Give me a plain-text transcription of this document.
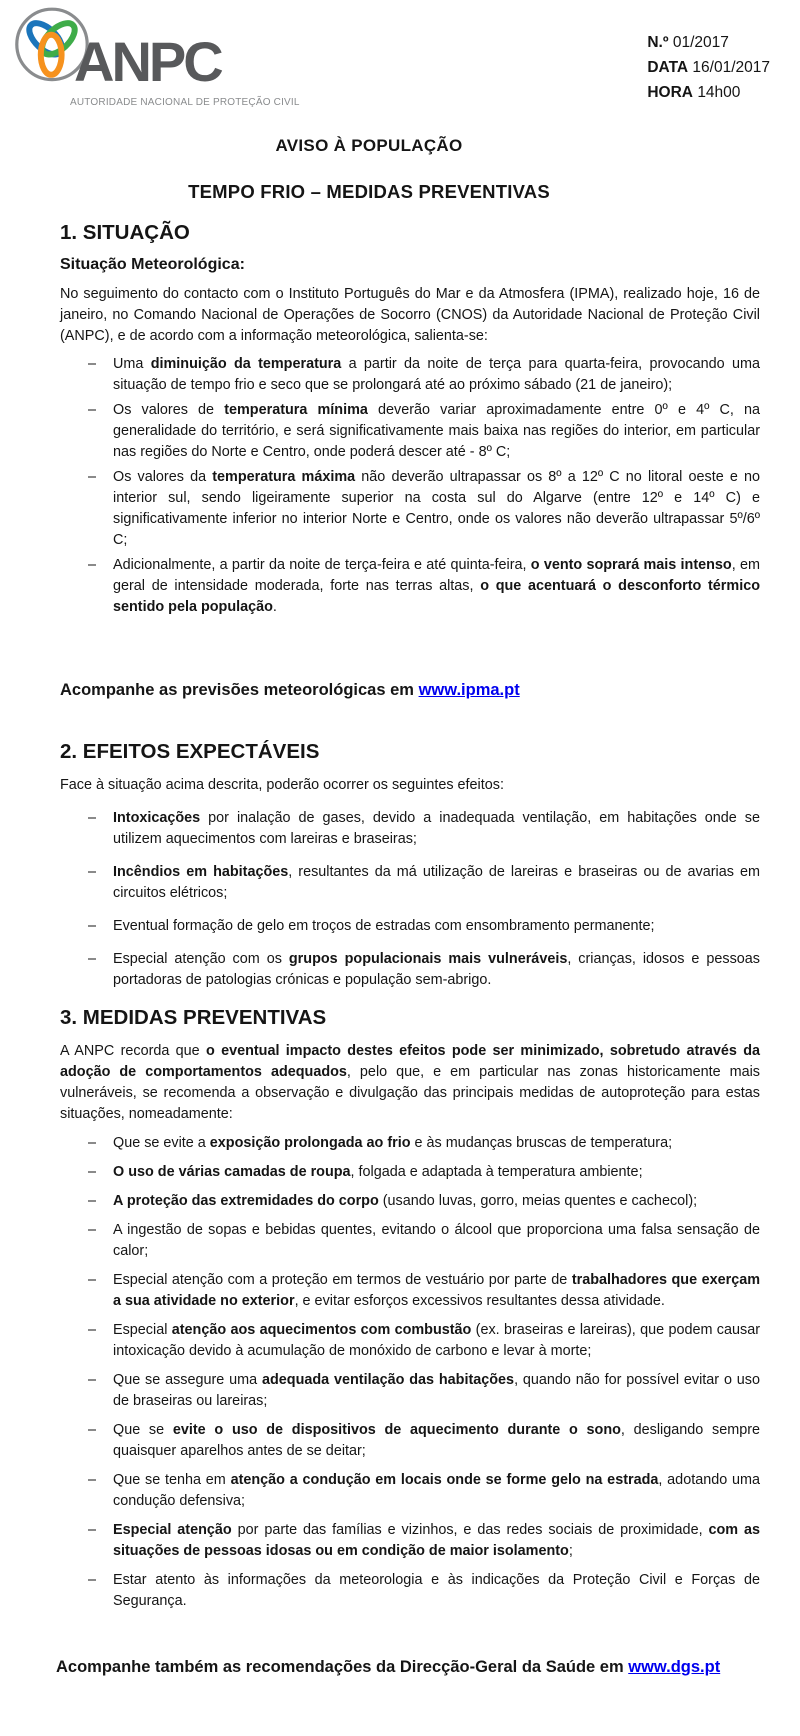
ANPC
AUTORIDADE NACIONAL DE PROTEÇÃO CIVIL
N.º 01/2017
DATA 16/01/2017
HORA 14h00
AVISO À POPULAÇÃO
TEMPO FRIO – MEDIDAS PREVENTIVAS
1. SITUAÇÃO
Situação Meteorológica:

No seguimento do contacto com o Instituto Português do Mar e da Atmosfera (IPMA), realizado hoje, 16 de janeiro, no Comando Nacional de Operações de Socorro (CNOS) da Autoridade Nacional de Proteção Civil (ANPC), e de acordo com a informação meteorológica, salienta-se:

–	Uma diminuição da temperatura a partir da noite de terça para quarta-feira, provocando uma situação de tempo frio e seco que se prolongará até ao próximo sábado (21 de janeiro);
–	Os valores de temperatura mínima deverão variar aproximadamente entre 0º e 4º C, na generalidade do território, e será significativamente mais baixa nas regiões do interior, em particular nas regiões do Norte e Centro, onde poderá descer até - 8º C;
–	Os valores da temperatura máxima não deverão ultrapassar os 8º a 12º C no litoral oeste e no interior sul, sendo ligeiramente superior na costa sul do Algarve (entre 12º e 14º C) e significativamente inferior no interior Norte e Centro, onde os valores não deverão ultrapassar 5º/6º C;
–	Adicionalmente, a partir da noite de terça-feira e até quinta-feira, o vento soprará mais intenso, em geral de intensidade moderada, forte nas terras altas, o que acentuará o desconforto térmico sentido pela população.

Acompanhe as previsões meteorológicas em www.ipma.pt

2. EFEITOS EXPECTÁVEIS

Face à situação acima descrita, poderão ocorrer os seguintes efeitos:

–	Intoxicações por inalação de gases, devido a inadequada ventilação, em habitações onde se utilizem aquecimentos com lareiras e braseiras;
–	Incêndios em habitações, resultantes da má utilização de lareiras e braseiras ou de avarias em circuitos elétricos;
–	Eventual formação de gelo em troços de estradas com ensombramento permanente;
–	Especial atenção com os grupos populacionais mais vulneráveis, crianças, idosos e pessoas portadoras de patologias crónicas e população sem-abrigo.
3. MEDIDAS PREVENTIVAS

A ANPC recorda que o eventual impacto destes efeitos pode ser minimizado, sobretudo através da adoção de comportamentos adequados, pelo que, e em particular nas zonas historicamente mais vulneráveis, se recomenda a observação e divulgação das principais medidas de autoproteção para estas situações, nomeadamente:

–	Que se evite a exposição prolongada ao frio e às mudanças bruscas de temperatura;
–	O uso de várias camadas de roupa, folgada e adaptada à temperatura ambiente;
–	A proteção das extremidades do corpo (usando luvas, gorro, meias quentes e cachecol);
–	A ingestão de sopas e bebidas quentes, evitando o álcool que proporciona uma falsa sensação de calor;
–	Especial atenção com a proteção em termos de vestuário por parte de trabalhadores que exerçam a sua atividade no exterior, e evitar esforços excessivos resultantes dessa atividade.
–	Especial atenção aos aquecimentos com combustão (ex. braseiras e lareiras), que podem causar intoxicação devido à acumulação de monóxido de carbono e levar à morte;
–	Que se assegure uma adequada ventilação das habitações, quando não for possível evitar o uso de braseiras ou lareiras;
–	Que se evite o uso de dispositivos de aquecimento durante o sono, desligando sempre quaisquer aparelhos antes de se deitar;
–	Que se tenha em atenção a condução em locais onde se forme gelo na estrada, adotando uma condução defensiva;
–	Especial atenção por parte das famílias e vizinhos, e das redes sociais de proximidade, com as situações de pessoas idosas ou em condição de maior isolamento;
–	Estar atento às informações da meteorologia e às indicações da Proteção Civil e Forças de Segurança.

Acompanhe também as recomendações da Direcção-Geral da Saúde em www.dgs.pt
